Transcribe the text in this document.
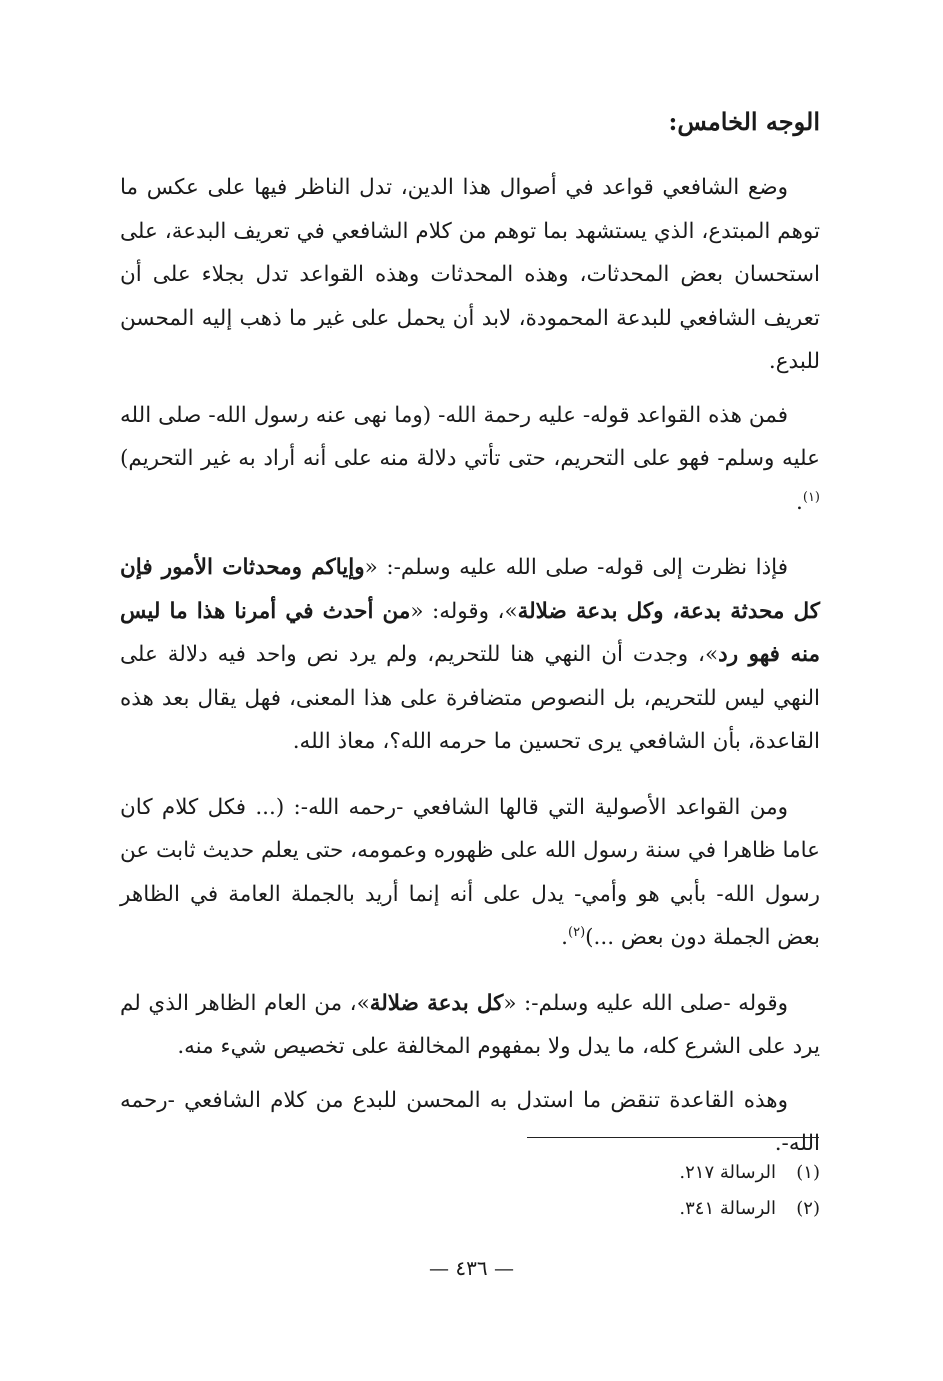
الوجه الخامس:

وضع الشافعي قواعد في أصوال هذا الدين، تدل الناظر فيها على عكس ما توهم المبتدع، الذي يستشهد بما توهم من كلام الشافعي في تعريف البدعة، على استحسان بعض المحدثات، وهذه المحدثات وهذه القواعد تدل بجلاء على أن تعريف الشافعي للبدعة المحمودة، لابد أن يحمل على غير ما ذهب إليه المحسن للبدع.

فمن هذه القواعد قوله- عليه رحمة الله- (وما نهى عنه رسول الله- صلى الله عليه وسلم- فهو على التحريم، حتى تأتي دلالة منه على أنه أراد به غير التحريم)$^{(١)}$.

فإذا نظرت إلى قوله- صلى الله عليه وسلم-: «وإياكم ومحدثات الأمور فإن كل محدثة بدعة، وكل بدعة ضلالة»، وقوله: «من أحدث في أمرنا هذا ما ليس منه فهو رد»، وجدت أن النهي هنا للتحريم، ولم يرد نص واحد فيه دلالة على النهي ليس للتحريم، بل النصوص متضافرة على هذا المعنى، فهل يقال بعد هذه القاعدة، بأن الشافعي يرى تحسين ما حرمه الله؟، معاذ الله.

ومن القواعد الأصولية التي قالها الشافعي -رحمه الله-: (... فكل كلام كان عاما ظاهرا في سنة رسول الله على ظهوره وعمومه، حتى يعلم حديث ثابت عن رسول الله- بأبي هو وأمي- يدل على أنه إنما أريد بالجملة العامة في الظاهر بعض الجملة دون بعض ...)$^{(٢)}$.

وقوله -صلى الله عليه وسلم-: «كل بدعة ضلالة»، من العام الظاهر الذي لم يرد على الشرع كله، ما يدل ولا بمفهوم المخالفة على تخصيص شيء منه.

وهذه القاعدة تنقض ما استدل به المحسن للبدع من كلام الشافعي -رحمه الله-.

(١)الرسالة ٢١٧.
(٢)الرسالة ٣٤١.
— ٤٣٦ —
